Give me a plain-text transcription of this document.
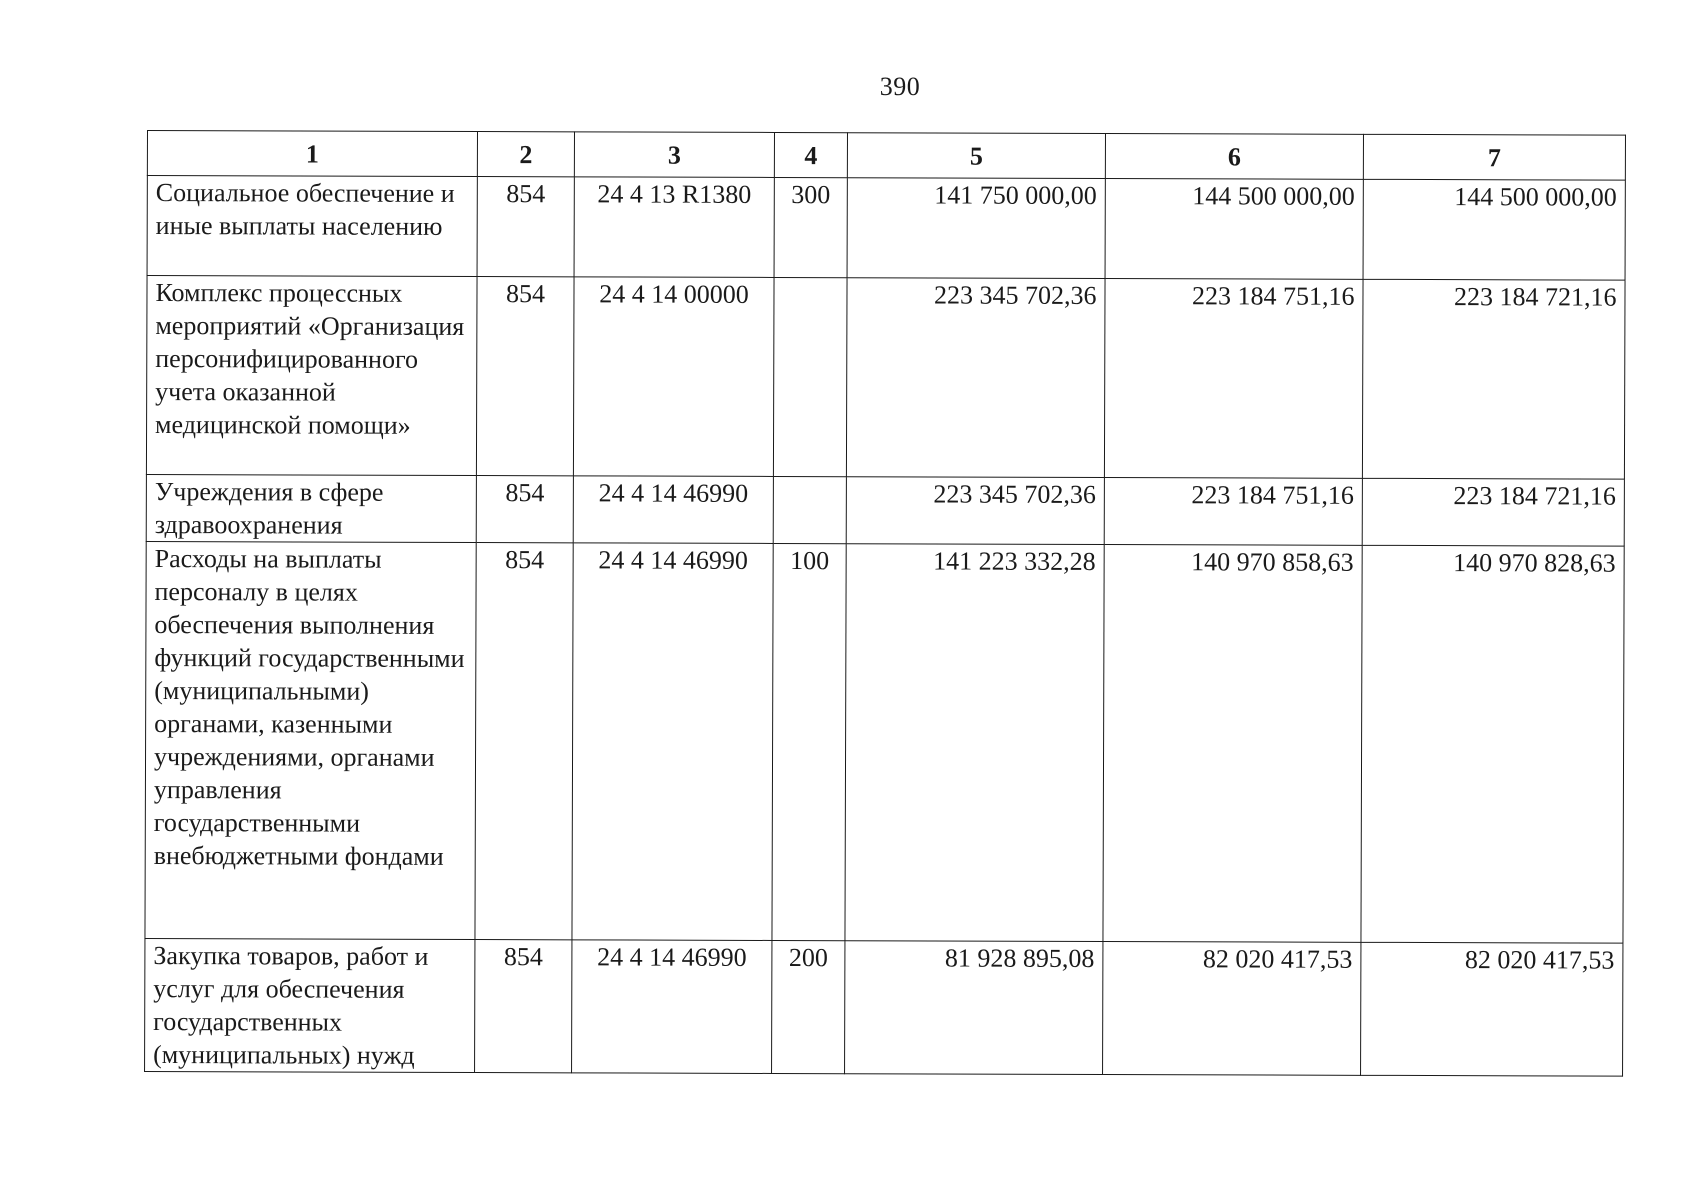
390
1	2	3	4	5	6	7
Социальное обеспечение и иные выплаты населению	854	24 4 13 R1380	300	141 750 000,00	144 500 000,00	144 500 000,00
Комплекс процессных мероприятий «Организация персонифицированного учета оказанной медицинской помощи»	854	24 4 14 00000		223 345 702,36	223 184 751,16	223 184 721,16
Учреждения в сфере здравоохранения	854	24 4 14 46990		223 345 702,36	223 184 751,16	223 184 721,16
Расходы на выплаты персоналу в целях обеспечения выполнения функций государственными (муниципальными) органами, казенными учреждениями, органами управления государственными внебюджетными фондами	854	24 4 14 46990	100	141 223 332,28	140 970 858,63	140 970 828,63
Закупка товаров, работ и услуг для обеспечения государственных (муниципальных) нужд	854	24 4 14 46990	200	81 928 895,08	82 020 417,53	82 020 417,53
